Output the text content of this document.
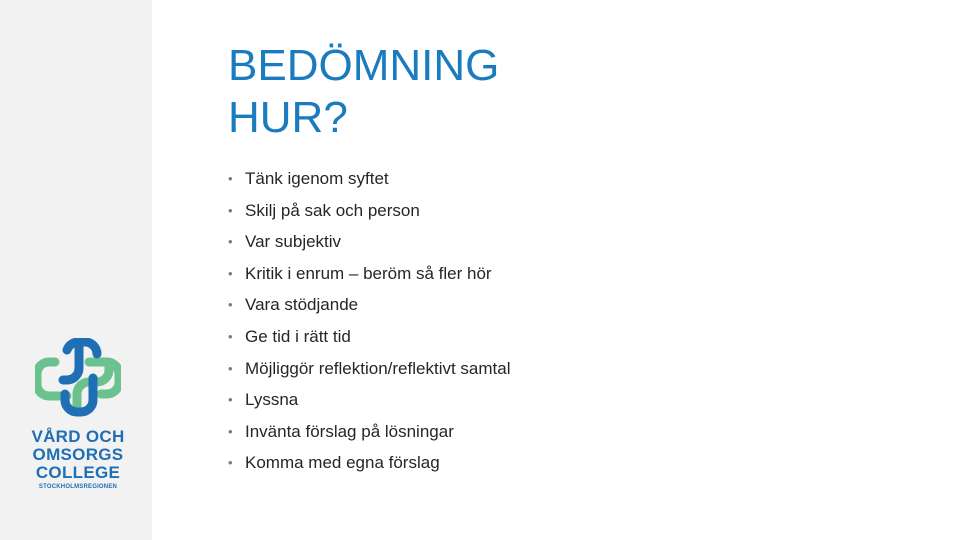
VÅRD OCH
OMSORGS
COLLEGE
STOCKHOLMSREGIONEN
BEDÖMNING
HUR?
• Tänk igenom syftet
• Skilj på sak och person
• Var subjektiv
• Kritik i enrum – beröm så fler hör
• Vara stödjande
• Ge tid i rätt tid
• Möjliggör reflektion/reflektivt samtal
• Lyssna
• Invänta förslag på lösningar
• Komma med egna förslag
